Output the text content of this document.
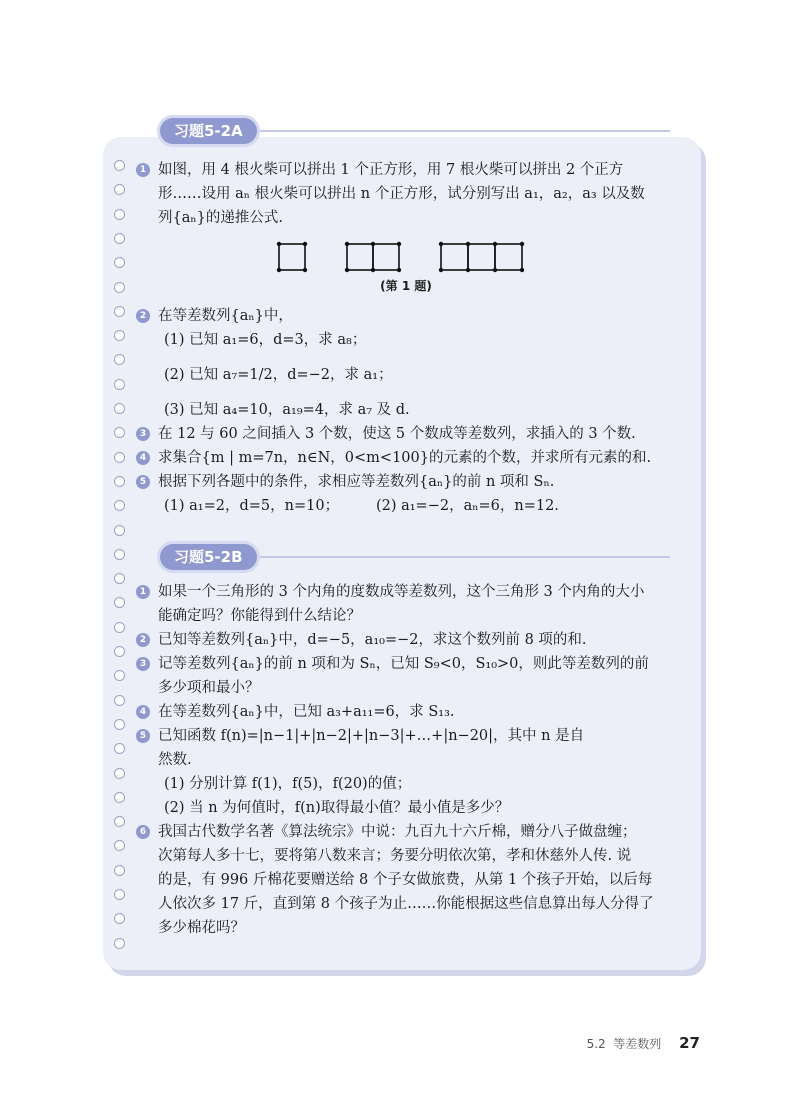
习题5-2A
习题5-2B
1 如图，用 4 根火柴可以拼出 1 个正方形，用 7 根火柴可以拼出 2 个正方
形……设用 aₙ 根火柴可以拼出 n 个正方形，试分别写出 a₁，a₂，a₃ 以及数
列{aₙ}的递推公式.
(第 1 题)
2 在等差数列{aₙ}中，
(1) 已知 a₁=6，d=3，求 a₈；
(2) 已知 a₇=1/2，d=−2，求 a₁；
(3) 已知 a₄=10，a₁₉=4，求 a₇ 及 d.
3 在 12 与 60 之间插入 3 个数，使这 5 个数成等差数列，求插入的 3 个数.
4 求集合{m | m=7n，n∈N，0<m<100}的元素的个数，并求所有元素的和.
5 根据下列各题中的条件，求相应等差数列{aₙ}的前 n 项和 Sₙ.
(1) a₁=2，d=5，n=10；        (2) a₁=−2，aₙ=6，n=12.
1 如果一个三角形的 3 个内角的度数成等差数列，这个三角形 3 个内角的大小
能确定吗？你能得到什么结论？
2 已知等差数列{aₙ}中，d=−5，a₁₀=−2，求这个数列前 8 项的和.
3 记等差数列{aₙ}的前 n 项和为 Sₙ，已知 S₉<0，S₁₀>0，则此等差数列的前
多少项和最小？
4 在等差数列{aₙ}中，已知 a₃+a₁₁=6，求 S₁₃.
5 已知函数 f(n)=|n−1|+|n−2|+|n−3|+…+|n−20|，其中 n 是自
然数.
(1) 分别计算 f(1)，f(5)，f(20)的值；
(2) 当 n 为何值时，f(n)取得最小值？最小值是多少？
6 我国古代数学名著《算法统宗》中说：九百九十六斤棉，赠分八子做盘缠；
次第每人多十七，要将第八数来言；务要分明依次第，孝和休慈外人传. 说
的是，有 996 斤棉花要赠送给 8 个子女做旅费，从第 1 个孩子开始，以后每
人依次多 17 斤，直到第 8 个孩子为止……你能根据这些信息算出每人分得了
多少棉花吗？
5.2  等差数列 27
